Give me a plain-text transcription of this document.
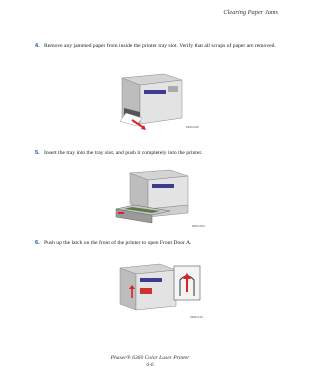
Clearing Paper Jams
4. Remove any jammed paper from inside the printer tray slot. Verify that all scraps of paper are removed.
6360-009
5. Insert the tray into the tray slot, and push it completely into the printer.
6360-054
6. Push up the latch on the front of the printer to open Front Door A.
6360-016
Phaser® 6360 Color Laser Printer
6-6
